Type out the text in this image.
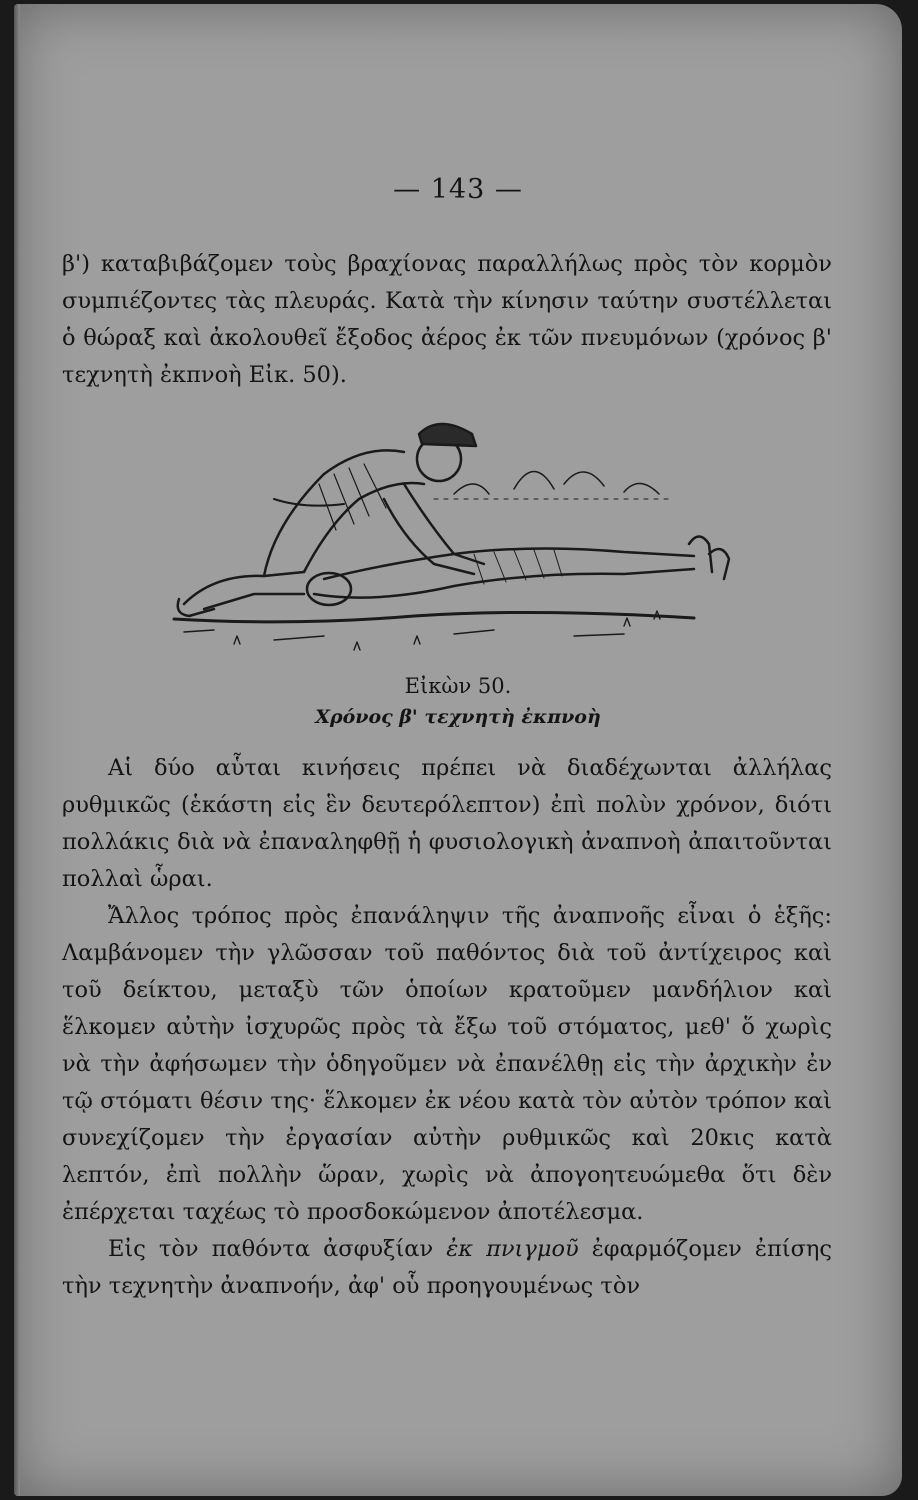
— 143 —

β') καταβιβάζομεν τοὺς βραχίονας παραλλήλως πρὸς τὸν κορμὸν συμπιέζοντες τὰς πλευράς. Κατὰ τὴν κίνησιν ταύτην συστέλλεται ὁ θώραξ καὶ ἀκολουθεῖ ἔξοδος ἀέρος ἐκ τῶν πνευμόνων (χρόνος β' τεχνητὴ ἐκπνοὴ Εἰκ. 50).

Εἰκὼν 50.
Χρόνος β' τεχνητὴ ἐκπνοὴ

Αἱ δύο αὗται κινήσεις πρέπει νὰ διαδέχωνται ἀλλήλας ρυθμικῶς (ἑκάστη εἰς ἓν δευτερόλεπτον) ἐπὶ πολὺν χρόνον, διότι πολλάκις διὰ νὰ ἐπαναληφθῇ ἡ φυσιολογικὴ ἀναπνοὴ ἀπαιτοῦνται πολλαὶ ὧραι.

Ἄλλος τρόπος πρὸς ἐπανάληψιν τῆς ἀναπνοῆς εἶναι ὁ ἑξῆς: Λαμβάνομεν τὴν γλῶσσαν τοῦ παθόντος διὰ τοῦ ἀντίχειρος καὶ τοῦ δείκτου, μεταξὺ τῶν ὁποίων κρατοῦμεν μανδήλιον καὶ ἕλκομεν αὐτὴν ἰσχυρῶς πρὸς τὰ ἔξω τοῦ στόματος, μεθ' ὅ χωρὶς νὰ τὴν ἀφήσωμεν τὴν ὁδηγοῦμεν νὰ ἐπανέλθῃ εἰς τὴν ἀρχικὴν ἐν τῷ στόματι θέσιν της· ἕλκομεν ἐκ νέου κατὰ τὸν αὐτὸν τρόπον καὶ συνεχίζομεν τὴν ἐργασίαν αὐτὴν ρυθμικῶς καὶ 20κις κατὰ λεπτόν, ἐπὶ πολλὴν ὥραν, χωρὶς νὰ ἀπογοητευώμεθα ὅτι δὲν ἐπέρχεται ταχέως τὸ προσδοκώμενον ἀποτέλεσμα.

Εἰς τὸν παθόντα ἀσφυξίαν ἐκ πνιγμοῦ ἐφαρμόζομεν ἐπίσης τὴν τεχνητὴν ἀναπνοήν, ἀφ' οὗ προηγουμένως τὸν
